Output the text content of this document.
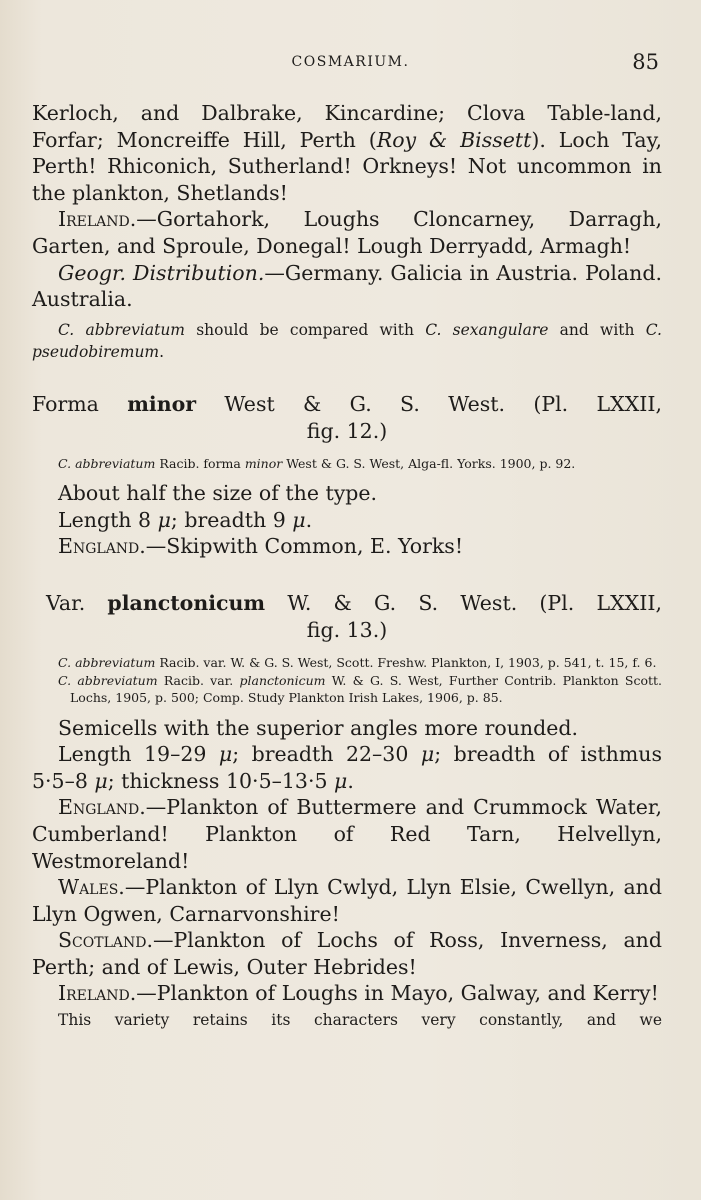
COSMARIUM.	85

Kerloch, and Dalbrake, Kincardine; Clova Table-land, Forfar; Moncreiffe Hill, Perth (Roy & Bissett). Loch Tay, Perth! Rhiconich, Sutherland! Orkneys! Not uncommon in the plankton, Shetlands!

Ireland.—Gortahork, Loughs Cloncarney, Darragh, Garten, and Sproule, Donegal! Lough Derryadd, Armagh!

Geogr. Distribution.—Germany. Galicia in Austria. Poland. Australia.

C. abbreviatum should be compared with C. sexangulare and with C. pseudobiremum.

Forma minor West & G. S. West. (Pl. LXXII,
fig. 12.)

C. abbreviatum Racib. forma minor West & G. S. West, Alga-fl. Yorks. 1900, p. 92.

About half the size of the type.

Length 8 μ; breadth 9 μ.

England.—Skipwith Common, E. Yorks!

Var. planctonicum W. & G. S. West. (Pl. LXXII,
fig. 13.)

C. abbreviatum Racib. var. W. & G. S. West, Scott. Freshw. Plankton, I, 1903, p. 541, t. 15, f. 6.

C. abbreviatum Racib. var. planctonicum W. & G. S. West, Further Contrib. Plankton Scott. Lochs, 1905, p. 500; Comp. Study Plankton Irish Lakes, 1906, p. 85.

Semicells with the superior angles more rounded.

Length 19–29 μ; breadth 22–30 μ; breadth of isthmus 5·5–8 μ; thickness 10·5–13·5 μ.

England.—Plankton of Buttermere and Crummock Water, Cumberland! Plankton of Red Tarn, Helvellyn, Westmoreland!

Wales.—Plankton of Llyn Cwlyd, Llyn Elsie, Cwellyn, and Llyn Ogwen, Carnarvonshire!

Scotland.—Plankton of Lochs of Ross, Inverness, and Perth; and of Lewis, Outer Hebrides!

Ireland.—Plankton of Loughs in Mayo, Galway, and Kerry!

This variety retains its characters very constantly, and we
